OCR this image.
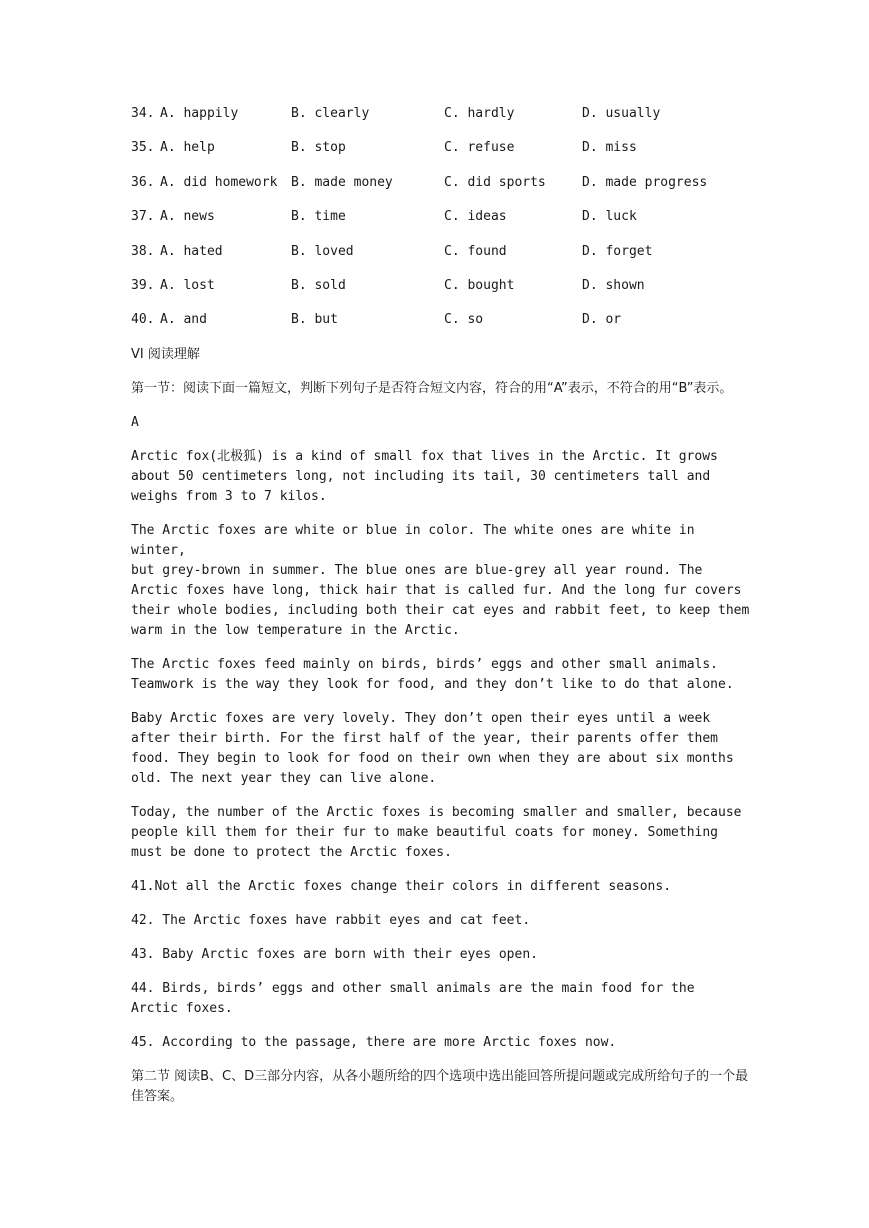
34. A. happily	B. clearly	C. hardly	D. usually
35. A. help	B. stop	C. refuse	D. miss
36. A. did homework B. made money	C. did sports	D. made progress
37. A. news	B. time	C. ideas	D. luck
38. A. hated	B. loved	C. found	D. forget
39. A. lost	B. sold	C. bought	D. shown
40. A. and	B. but	C. so	D. or
VI 阅读理解
第一节：阅读下面一篇短文，判断下列句子是否符合短文内容，符合的用“A”表示，不符合的用“B”表示。
A
Arctic fox(北极狐) is a kind of small fox that lives in the Arctic. It grows
about 50 centimeters long, not including its tail, 30 centimeters tall and
weighs from 3 to 7 kilos.
The Arctic foxes are white or blue in color. The white ones are white in winter,
but grey-brown in summer. The blue ones are blue-grey all year round. The
Arctic foxes have long, thick hair that is called fur. And the long fur covers
their whole bodies, including both their cat eyes and rabbit feet, to keep them
warm in the low temperature in the Arctic.
The Arctic foxes feed mainly on birds, birds’ eggs and other small animals.
Teamwork is the way they look for food, and they don’t like to do that alone.
Baby Arctic foxes are very lovely. They don’t open their eyes until a week
after their birth. For the first half of the year, their parents offer them
food. They begin to look for food on their own when they are about six months
old. The next year they can live alone.
Today, the number of the Arctic foxes is becoming smaller and smaller, because
people kill them for their fur to make beautiful coats for money. Something
must be done to protect the Arctic foxes.
41.Not all the Arctic foxes change their colors in different seasons.
42. The Arctic foxes have rabbit eyes and cat feet.
43. Baby Arctic foxes are born with their eyes open.
44. Birds, birds’ eggs and other small animals are the main food for the
Arctic foxes.
45. According to the passage, there are more Arctic foxes now.
第二节 阅读B、C、D三部分内容，从各小题所给的四个选项中选出能回答所提问题或完成所给句子的一个最佳答案。
